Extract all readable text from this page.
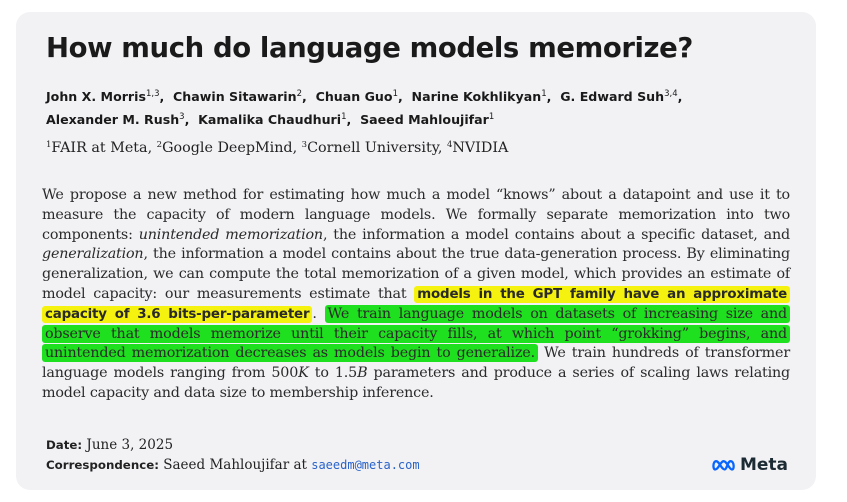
How much do language models memorize?
John X. Morris$^{1,3}$,  Chawin Sitawarin$^2$,  Chuan Guo$^1$,  Narine Kokhlikyan$^1$,  G. Edward Suh$^{3,4}$,
Alexander M. Rush$^3$,  Kamalika Chaudhuri$^1$,  Saeed Mahloujifar$^1$
$^1$FAIR at Meta, $^2$Google DeepMind, $^3$Cornell University, $^4$NVIDIA

We propose a new method for estimating how much a model “knows” about a datapoint and use it to measure the capacity of modern language models. We formally separate memorization into two components: unintended memorization, the information a model contains about a specific dataset, and generalization, the information a model contains about the true data-generation process. By eliminating generalization, we can compute the total memorization of a given model, which provides an estimate of model capacity: our measurements estimate that models in the GPT family have an approximate capacity of 3.6 bits-per-parameter . We train language models on datasets of increasing size and observe that models memorize until their capacity fills, at which point “grokking” begins, and unintended memorization decreases as models begin to generalize. We train hundreds of transformer language models ranging from 500K to 1.5B parameters and produce a series of scaling laws relating model capacity and data size to membership inference.

Date: June 3, 2025
Correspondence: Saeed Mahloujifar at saeedm@meta.com	Meta
